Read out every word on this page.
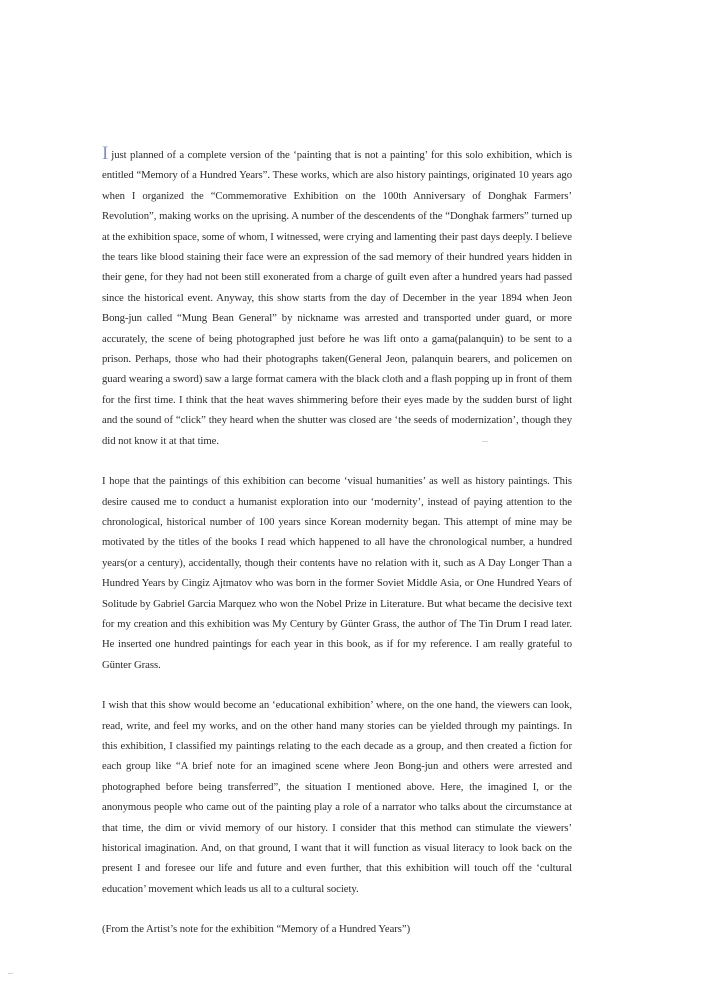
Ijust planned of a complete version of the ‘painting that is not a painting’ for this solo exhibition, which is entitled “Memory of a Hundred Years”. These works, which are also history paintings, originated 10 years ago when I organized the “Commemorative Exhibition on the 100th Anniversary of Donghak Farmers’ Revolution”, making works on the uprising. A number of the descendents of the “Donghak farmers” turned up at the exhibition space, some of whom, I witnessed, were crying and lamenting their past days deeply. I believe the tears like blood staining their face were an expression of the sad memory of their hundred years hidden in their gene, for they had not been still exonerated from a charge of guilt even after a hundred years had passed since the historical event. Anyway, this show starts from the day of December in the year 1894 when Jeon Bong-jun called “Mung Bean General” by nickname was arrested and transported under guard, or more accurately, the scene of being photographed just before he was lift onto a gama(palanquin) to be sent to a prison. Perhaps, those who had their photographs taken(General Jeon, palanquin bearers, and policemen on guard wearing a sword) saw a large format camera with the black cloth and a flash popping up in front of them for the first time. I think that the heat waves shimmering before their eyes made by the sudden burst of light and the sound of “click” they heard when the shutter was closed are ‘the seeds of modernization’, though they did not know it at that time.

I hope that the paintings of this exhibition can become ‘visual humanities’ as well as history paintings. This desire caused me to conduct a humanist exploration into our ‘modernity’, instead of paying attention to the chronological, historical number of 100 years since Korean modernity began. This attempt of mine may be motivated by the titles of the books I read which happened to all have the chronological number, a hundred years(or a century), accidentally, though their contents have no relation with it, such as A Day Longer Than a Hundred Years by Cingiz Ajtmatov who was born in the former Soviet Middle Asia, or One Hundred Years of Solitude by Gabriel Garcia Marquez who won the Nobel Prize in Literature. But what became the decisive text for my creation and this exhibition was My Century by Günter Grass, the author of The Tin Drum I read later. He inserted one hundred paintings for each year in this book, as if for my reference. I am really grateful to Günter Grass.

I wish that this show would become an ‘educational exhibition’ where, on the one hand, the viewers can look, read, write, and feel my works, and on the other hand many stories can be yielded through my paintings. In this exhibition, I classified my paintings relating to the each decade as a group, and then created a fiction for each group like “A brief note for an imagined scene where Jeon Bong-jun and others were arrested and photographed before being transferred”, the situation I mentioned above. Here, the imagined I, or the anonymous people who came out of the painting play a role of a narrator who talks about the circumstance at that time, the dim or vivid memory of our history. I consider that this method can stimulate the viewers’ historical imagination. And, on that ground, I want that it will function as visual literacy to look back on the present I and foresee our life and future and even further, that this exhibition will touch off the ‘cultural education’ movement which leads us all to a cultural society.

(From the Artist’s note for the exhibition “Memory of a Hundred Years”)
